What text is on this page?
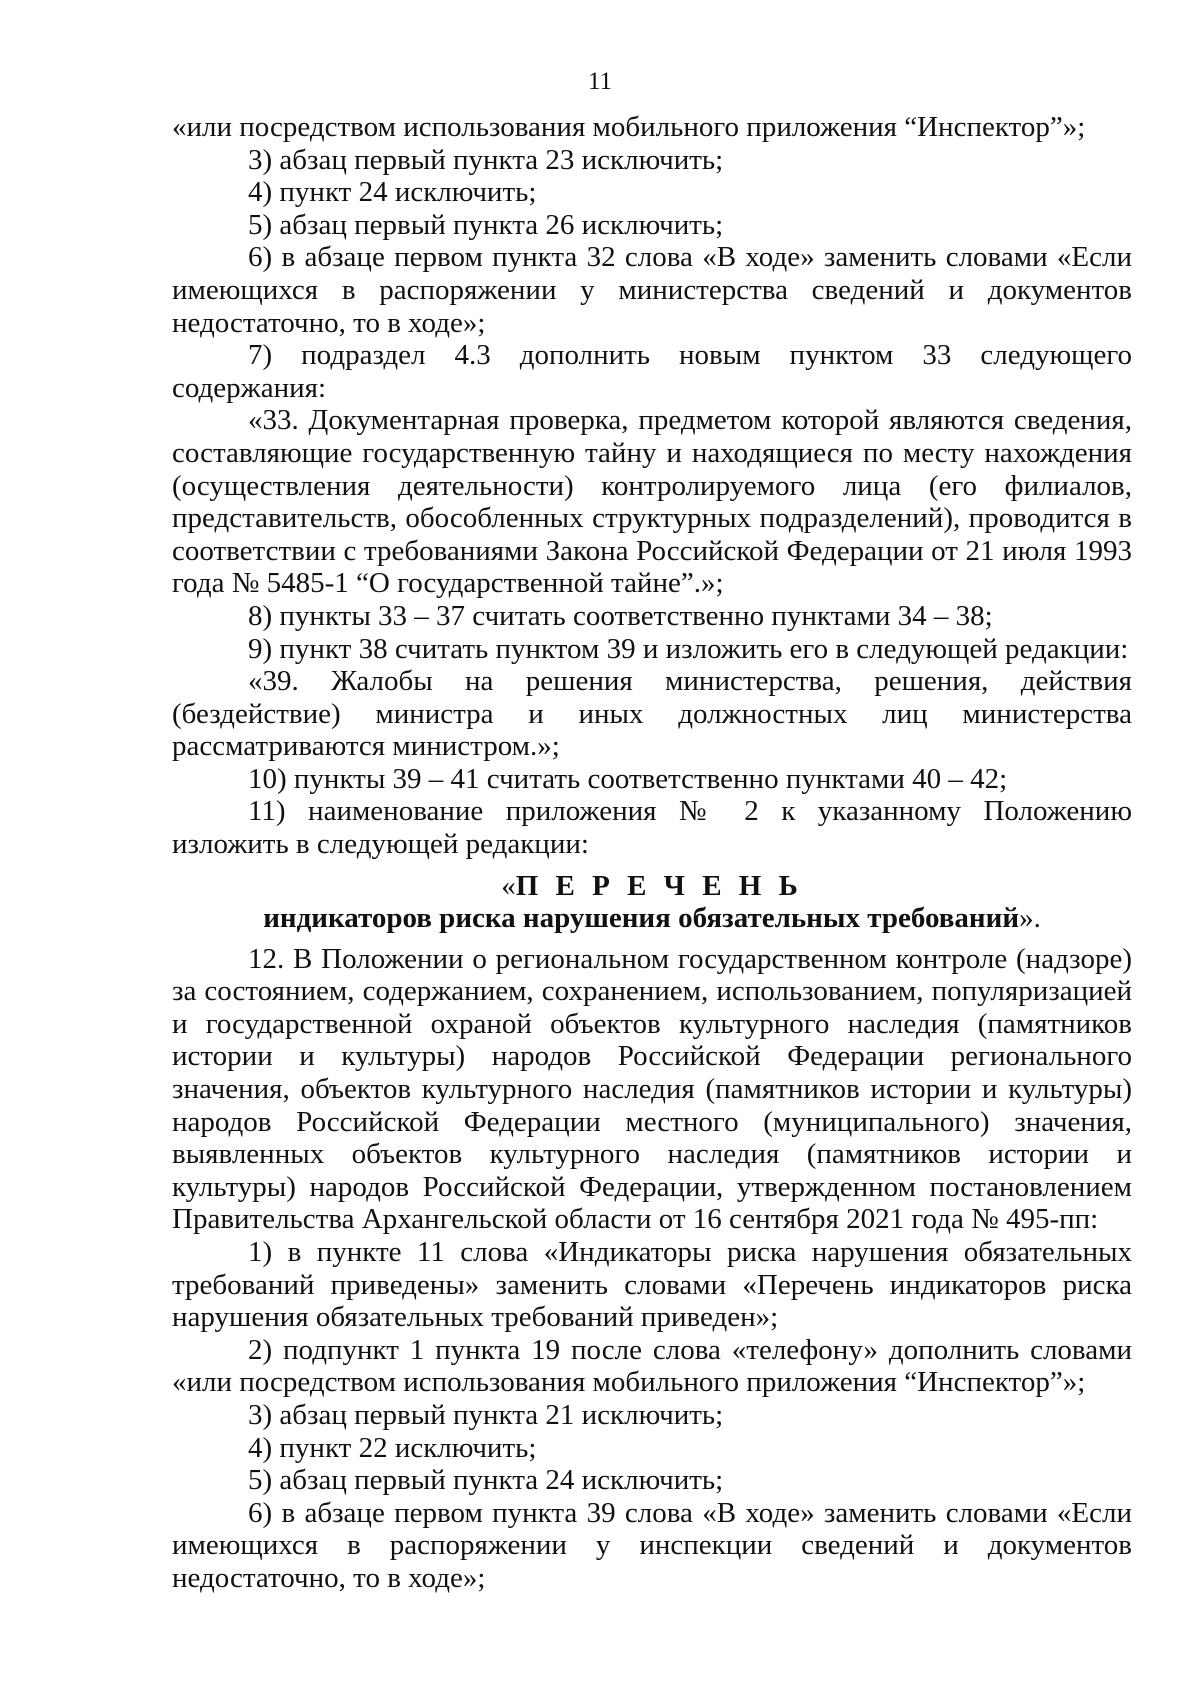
11

«или посредством использования мобильного приложения “Инспектор”»;

3) абзац первый пункта 23 исключить;

4) пункт 24 исключить;

5) абзац первый пункта 26 исключить;

6) в абзаце первом пункта 32 слова «В ходе» заменить словами «Если имеющихся в распоряжении у министерства сведений и документов недостаточно, то в ходе»;

7) подраздел 4.3 дополнить новым пунктом 33 следующего содержания:

«33. Документарная проверка, предметом которой являются сведения, составляющие государственную тайну и находящиеся по месту нахождения (осуществления деятельности) контролируемого лица (его филиалов, представительств, обособленных структурных подразделений), проводится в соответствии с требованиями Закона Российской Федерации от 21 июля 1993 года № 5485-1 “О государственной тайне”.»;

8) пункты 33 – 37 считать соответственно пунктами 34 – 38;

9) пункт 38 считать пунктом 39 и изложить его в следующей редакции:

«39. Жалобы на решения министерства, решения, действия (бездействие) министра и иных должностных лиц министерства рассматриваются министром.»;

10) пункты 39 – 41 считать соответственно пунктами 40 – 42;

11) наименование приложения № 2 к указанному Положению изложить в следующей редакции:

«П Е Р Е Ч Е Н Ь

индикаторов риска нарушения обязательных требований».

12. В Положении о региональном государственном контроле (надзоре) за состоянием, содержанием, сохранением, использованием, популяризацией и государственной охраной объектов культурного наследия (памятников истории и культуры) народов Российской Федерации регионального значения, объектов культурного наследия (памятников истории и культуры) народов Российской Федерации местного (муниципального) значения, выявленных объектов культурного наследия (памятников истории и культуры) народов Российской Федерации, утвержденном постановлением Правительства Архангельской области от 16 сентября 2021 года № 495-пп:

1) в пункте 11 слова «Индикаторы риска нарушения обязательных требований приведены» заменить словами «Перечень индикаторов риска нарушения обязательных требований приведен»;

2) подпункт 1 пункта 19 после слова «телефону» дополнить словами «или посредством использования мобильного приложения “Инспектор”»;

3) абзац первый пункта 21 исключить;

4) пункт 22 исключить;

5) абзац первый пункта 24 исключить;

6) в абзаце первом пункта 39 слова «В ходе» заменить словами «Если имеющихся в распоряжении у инспекции сведений и документов недостаточно, то в ходе»;
